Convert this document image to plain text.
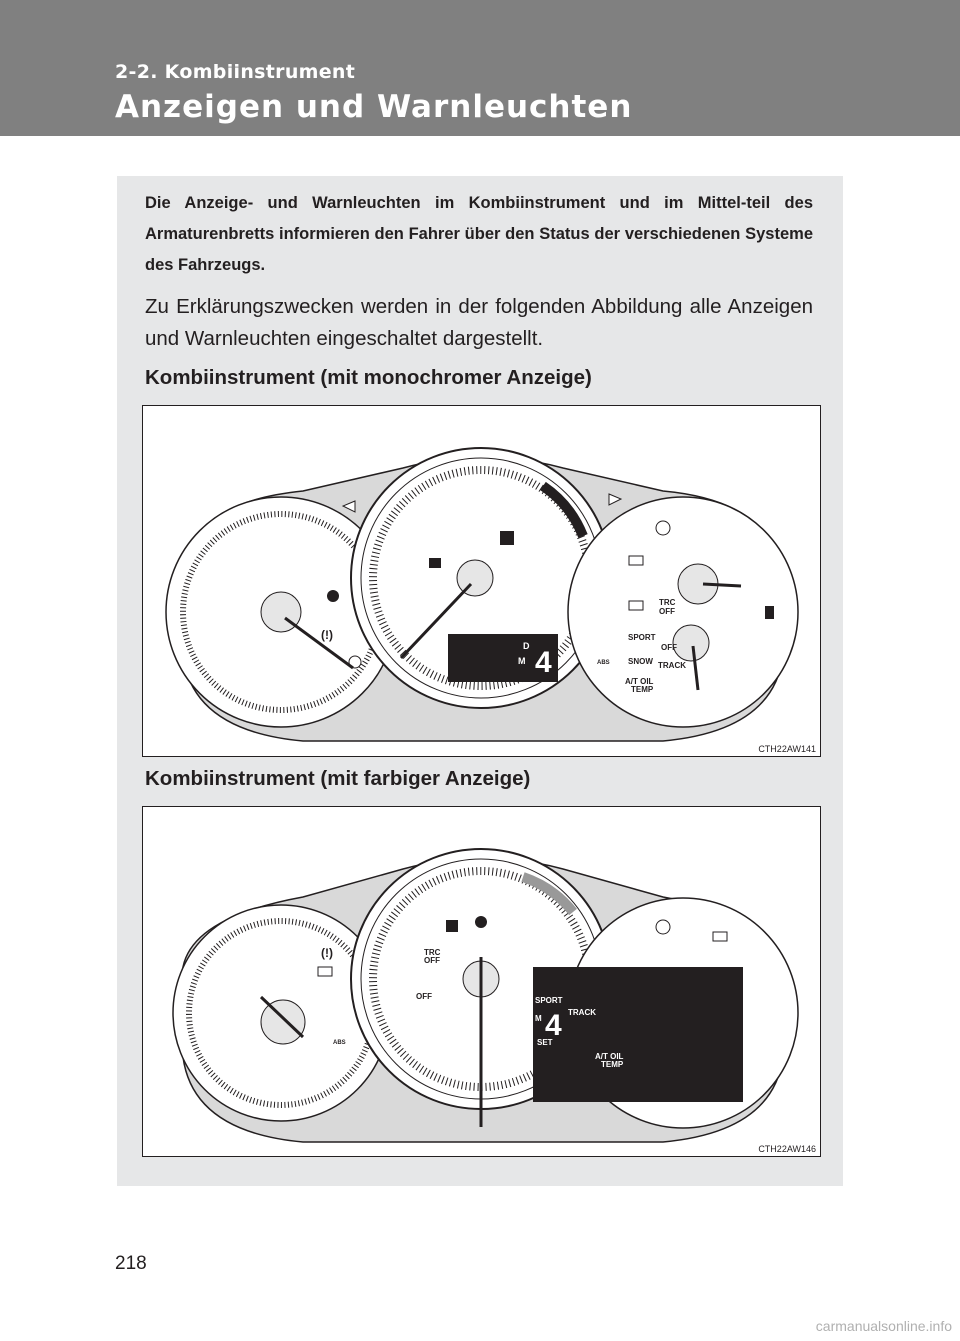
2-2. Kombiinstrument
Anzeigen und Warnleuchten
Die Anzeige- und Warnleuchten im Kombiinstrument und im Mittel-teil des Armaturenbretts informieren den Fahrer über den Status der verschiedenen Systeme des Fahrzeugs.
Zu Erklärungszwecken werden in der folgenden Abbildung alle Anzeigen und Warnleuchten eingeschaltet dargestellt.
Kombiinstrument (mit monochromer Anzeige)
(!)
4
D
M
TRC
OFF
SPORT
OFF
SNOW TRACK
A/T OIL
TEMP
ABS
CTH22AW141
Kombiinstrument (mit farbiger Anzeige)
(!)
ABS
TRC
OFF
OFF	SPORT
4
M
TRACK
SET
A/T OIL
TEMP
CTH22AW146
218
carmanualsonline.info
